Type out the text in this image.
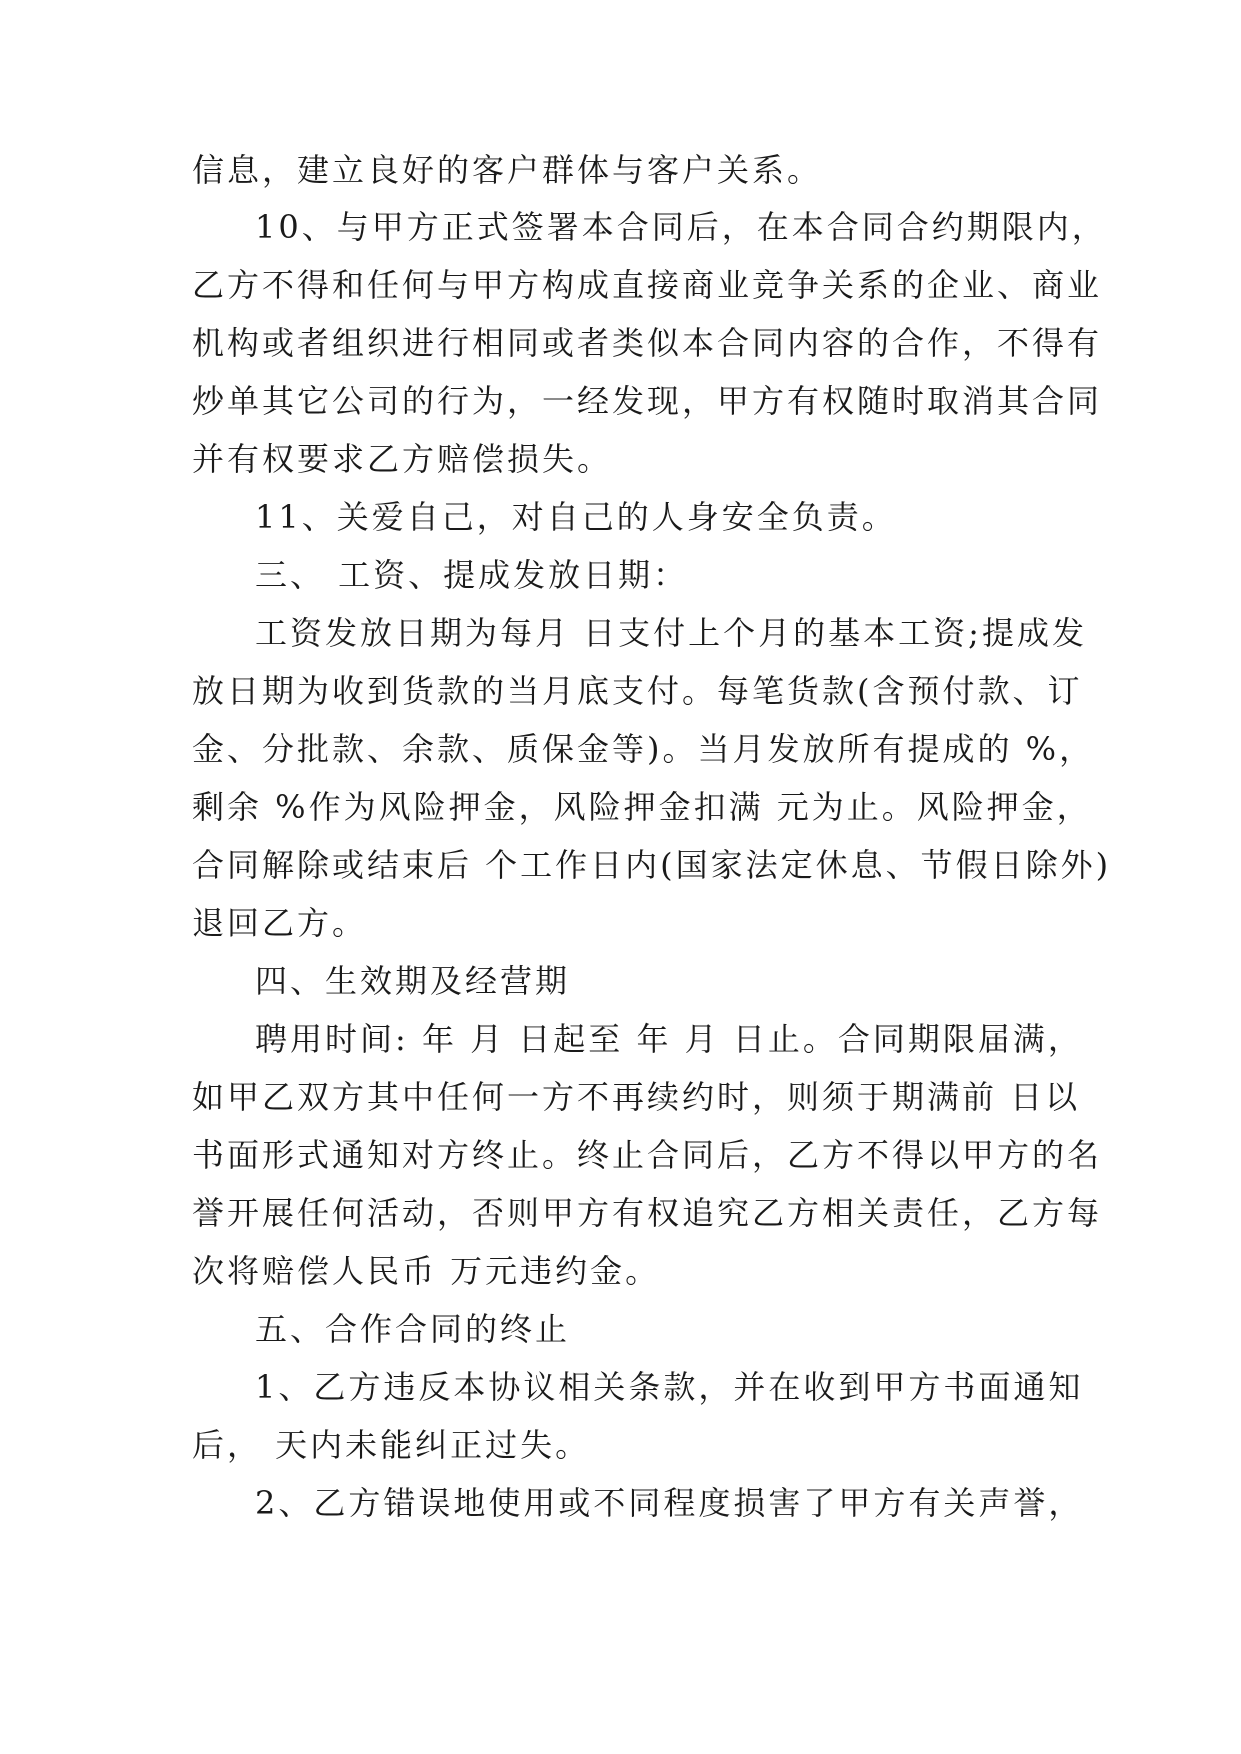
信息，建立良好的客户群体与客户关系。
10、与甲方正式签署本合同后，在本合同合约期限内，
乙方不得和任何与甲方构成直接商业竞争关系的企业、商业
机构或者组织进行相同或者类似本合同内容的合作，不得有
炒单其它公司的行为，一经发现，甲方有权随时取消其合同
并有权要求乙方赔偿损失。
11、关爱自己，对自己的人身安全负责。
三、 工资、提成发放日期：
工资发放日期为每月 日支付上个月的基本工资;提成发
放日期为收到货款的当月底支付。每笔货款(含预付款、订
金、分批款、余款、质保金等)。当月发放所有提成的 %，
剩余 %作为风险押金，风险押金扣满 元为止。风险押金，
合同解除或结束后 个工作日内(国家法定休息、节假日除外)
退回乙方。
四、生效期及经营期
聘用时间: 年 月 日起至 年 月 日止。合同期限届满，
如甲乙双方其中任何一方不再续约时，则须于期满前 日以
书面形式通知对方终止。终止合同后，乙方不得以甲方的名
誉开展任何活动，否则甲方有权追究乙方相关责任，乙方每
次将赔偿人民币 万元违约金。
五、合作合同的终止
1、乙方违反本协议相关条款，并在收到甲方书面通知
后， 天内未能纠正过失。
2、乙方错误地使用或不同程度损害了甲方有关声誉，
